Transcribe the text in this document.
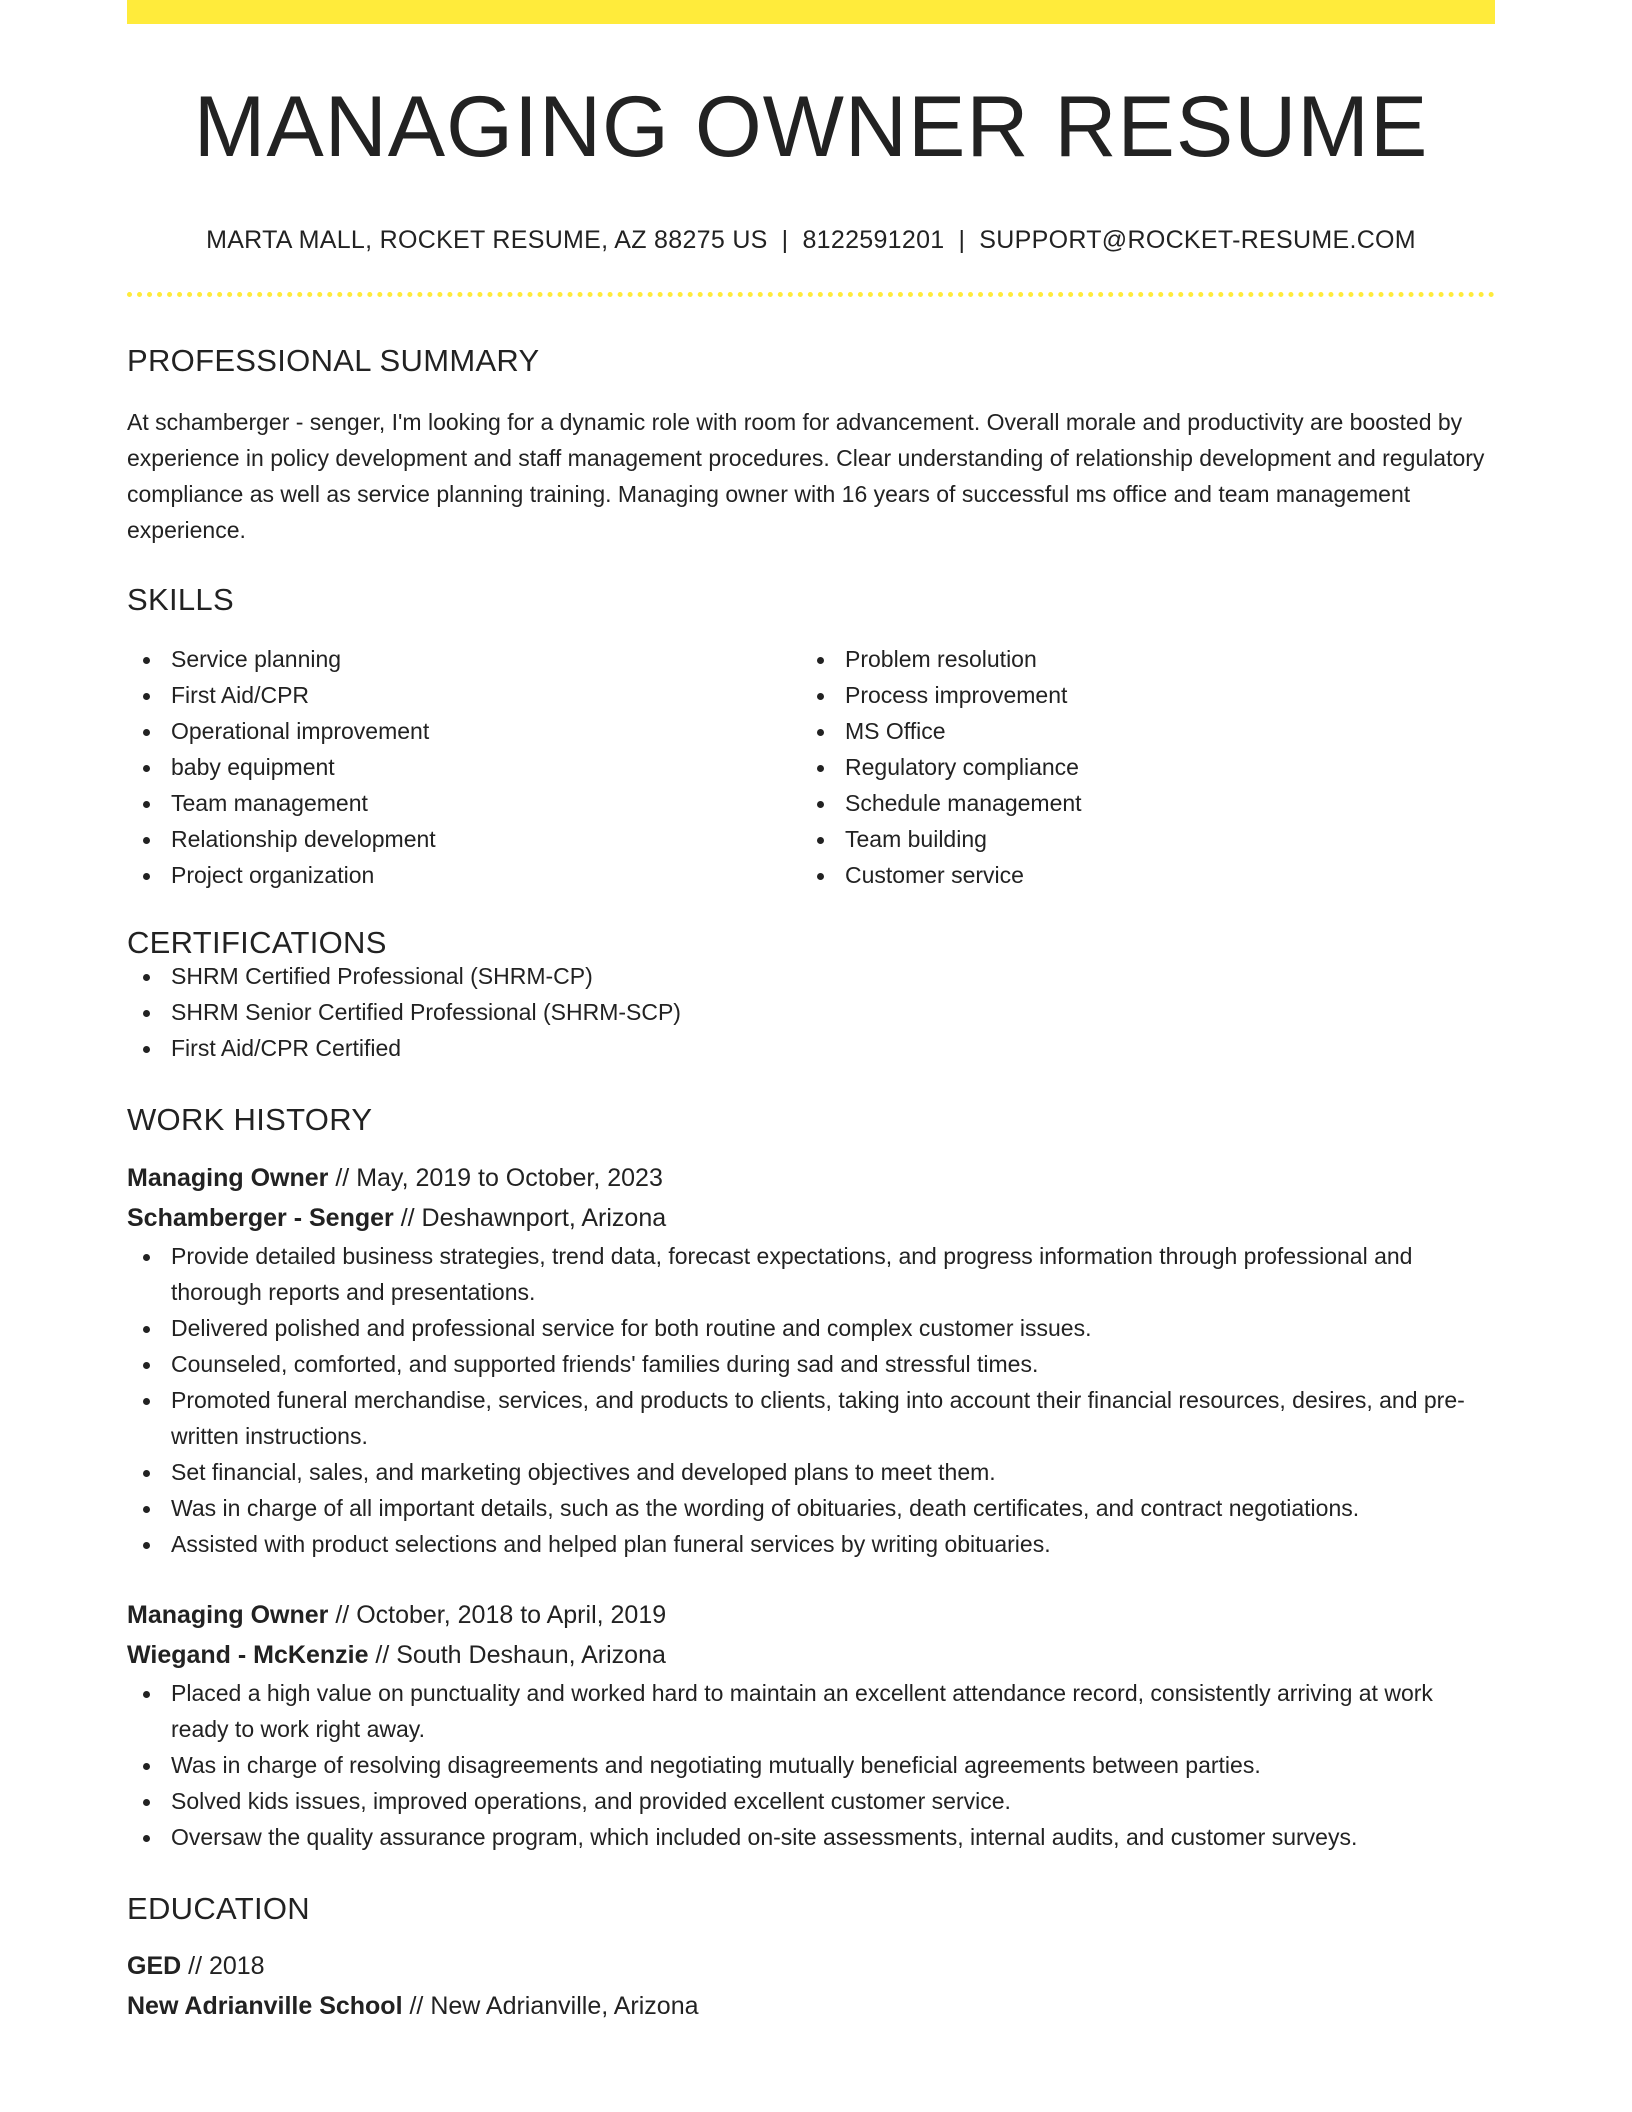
MANAGING OWNER RESUME
MARTA MALL, ROCKET RESUME, AZ 88275 US | 8122591201 | SUPPORT@ROCKET-RESUME.COM
PROFESSIONAL SUMMARY

At schamberger - senger, I'm looking for a dynamic role with room for advancement. Overall morale and productivity are boosted by experience in policy development and staff management procedures. Clear understanding of relationship development and regulatory compliance as well as service planning training. Managing owner with 16 years of successful ms office and team management experience.

SKILLS
Service planning
First Aid/CPR
Operational improvement
baby equipment
Team management
Relationship development
Project organization
Problem resolution
Process improvement
MS Office
Regulatory compliance
Schedule management
Team building
Customer service
CERTIFICATIONS
SHRM Certified Professional (SHRM-CP)
SHRM Senior Certified Professional (SHRM-SCP)
First Aid/CPR Certified
WORK HISTORY
Managing Owner // May, 2019 to October, 2023
Schamberger - Senger // Deshawnport, Arizona
Provide detailed business strategies, trend data, forecast expectations, and progress information through professional and thorough reports and presentations.
Delivered polished and professional service for both routine and complex customer issues.
Counseled, comforted, and supported friends' families during sad and stressful times.
Promoted funeral merchandise, services, and products to clients, taking into account their financial resources, desires, and pre-written instructions.
Set financial, sales, and marketing objectives and developed plans to meet them.
Was in charge of all important details, such as the wording of obituaries, death certificates, and contract negotiations.
Assisted with product selections and helped plan funeral services by writing obituaries.
Managing Owner // October, 2018 to April, 2019
Wiegand - McKenzie // South Deshaun, Arizona
Placed a high value on punctuality and worked hard to maintain an excellent attendance record, consistently arriving at work ready to work right away.
Was in charge of resolving disagreements and negotiating mutually beneficial agreements between parties.
Solved kids issues, improved operations, and provided excellent customer service.
Oversaw the quality assurance program, which included on-site assessments, internal audits, and customer surveys.
EDUCATION
GED // 2018
New Adrianville School // New Adrianville, Arizona
